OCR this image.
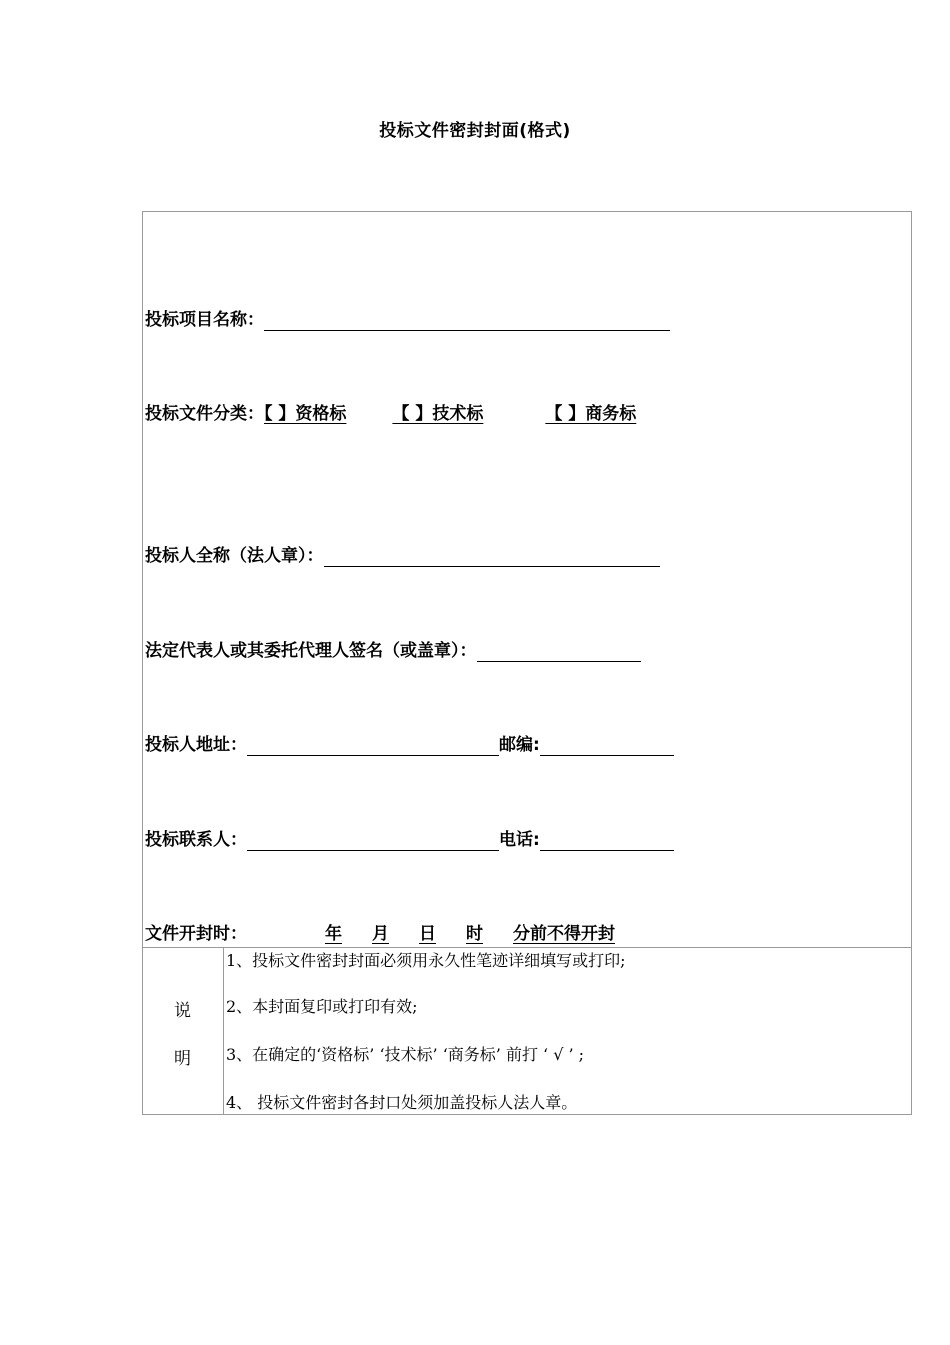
投标文件密封封面(格式)
投标项目名称：
投标文件分类：【 】资格标	【 】技术标	【 】商务标
投标人全称（法人章）：
法定代表人或其委托代理人签名（或盖章）：
投标人地址：	邮编:
投标联系人：	电话:
文件开封时：	年 月 日 时 分前不得开封
说
明
1、投标文件密封封面必须用永久性笔迹详细填写或打印;
2、本封面复印或打印有效;
3、在确定的‘资格标’ ‘技术标’ ‘商务标’ 前打 ‘ √ ’ ;
4、 投标文件密封各封口处须加盖投标人法人章。
